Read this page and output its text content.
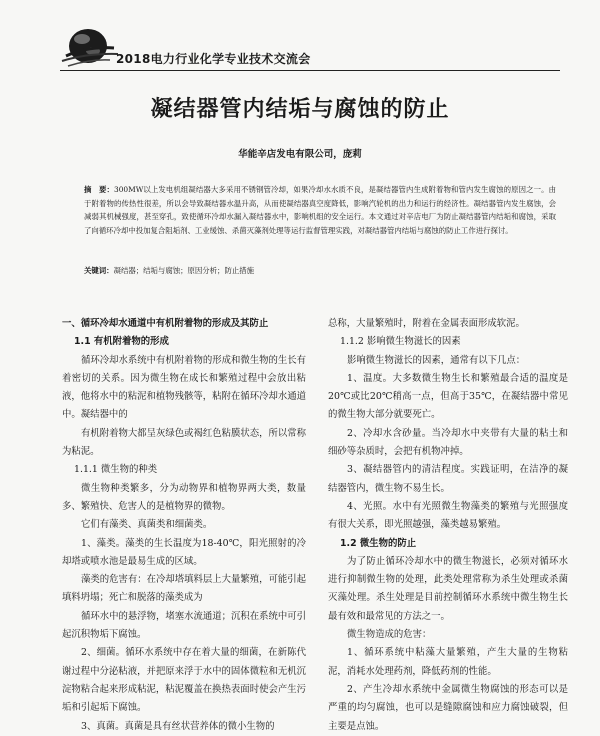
2018电力行业化学专业技术交流会
凝结器管内结垢与腐蚀的防止
华能辛店发电有限公司，庞莉
摘　要：300MW以上发电机组凝结器大多采用不锈钢管冷却，如果冷却水水质不良，是凝结器管内生成附着物和管内发生腐蚀的原因之一。由于附着物的传热性很差，所以会导致凝结器水温升高，从而使凝结器真空度降低，影响汽轮机的出力和运行的经济性。凝结器管内发生腐蚀，会减弱其机械强度，甚至穿孔，致使循环冷却水漏入凝结器水中，影响机组的安全运行。本文通过对辛店电厂为防止凝结器管内结垢和腐蚀，采取了向循环冷却中投加复合阻垢剂、工业缓蚀、杀菌灭藻剂处理等运行监督管理实践，对凝结器管内结垢与腐蚀的防止工作进行探讨。
关键词：凝结器；结垢与腐蚀；原因分析；防止措施

一、循环冷却水通道中有机附着物的形成及其防止

1.1 有机附着物的形成

循环冷却水系统中有机附着物的形成和微生物的生长有着密切的关系。因为微生物在成长和繁殖过程中会放出粘液，他将水中的粘泥和植物残骸等，粘附在循环冷却水通道中。凝结器中的

有机附着物大都呈灰绿色或褐红色粘膜状态，所以常称为粘泥。

1.1.1 微生物的种类

微生物种类繁多，分为动物界和植物界两大类，数量多、繁殖快、危害人的是植物界的微物。

它们有藻类、真菌类和细菌类。

1、藻类。藻类的生长温度为18-40℃，阳光照射的冷却塔或喷水池是最易生成的区域。

藻类的危害有：在冷却塔填料层上大量繁殖，可能引起填料坍塌；死亡和脱落的藻类成为

循环水中的悬浮物，堵塞水流通道；沉积在系统中可引起沉积物垢下腐蚀。

2、细菌。循环水系统中存在着大量的细菌，在新陈代谢过程中分泌粘液，并把原来浮于水中的固体微粒和无机沉淀物粘合起来形成粘泥，粘泥覆盖在换热表面时使会产生污垢和引起垢下腐蚀。

3、真菌。真菌是具有丝状营养体的微小生物的

总称，大量繁殖时，附着在金属表面形成软泥。

1.1.2 影响微生物滋长的因素

影响微生物滋长的因素，通常有以下几点：

1、温度。大多数微生物生长和繁殖最合适的温度是20℃或比20℃稍高一点，但高于35℃，在凝结器中常见的微生物大部分就要死亡。

2、冷却水含砂量。当冷却水中夹带有大量的粘土和细砂等杂质时，会把有机物冲掉。

3、凝结器管内的清洁程度。实践证明，在洁净的凝结器管内，微生物不易生长。

4、光照。水中有光照微生物藻类的繁殖与光照强度有很大关系，即光照越强，藻类越易繁殖。

1.2 微生物的防止

为了防止循环冷却水中的微生物滋长，必须对循环水进行抑制微生物的处理，此类处理常称为杀生处理或杀菌灭藻处理。杀生处理是目前控制循环水系统中微生物生长最有效和最常见的方法之一。

微生物造成的危害：

1、循环系统中粘藻大量繁殖，产生大量的生物粘泥，消耗水处理药剂，降低药剂的性能。

2、产生冷却水系统中金属微生物腐蚀的形态可以是严重的均匀腐蚀，也可以是缝隙腐蚀和应力腐蚀破裂，但主要是点蚀。
